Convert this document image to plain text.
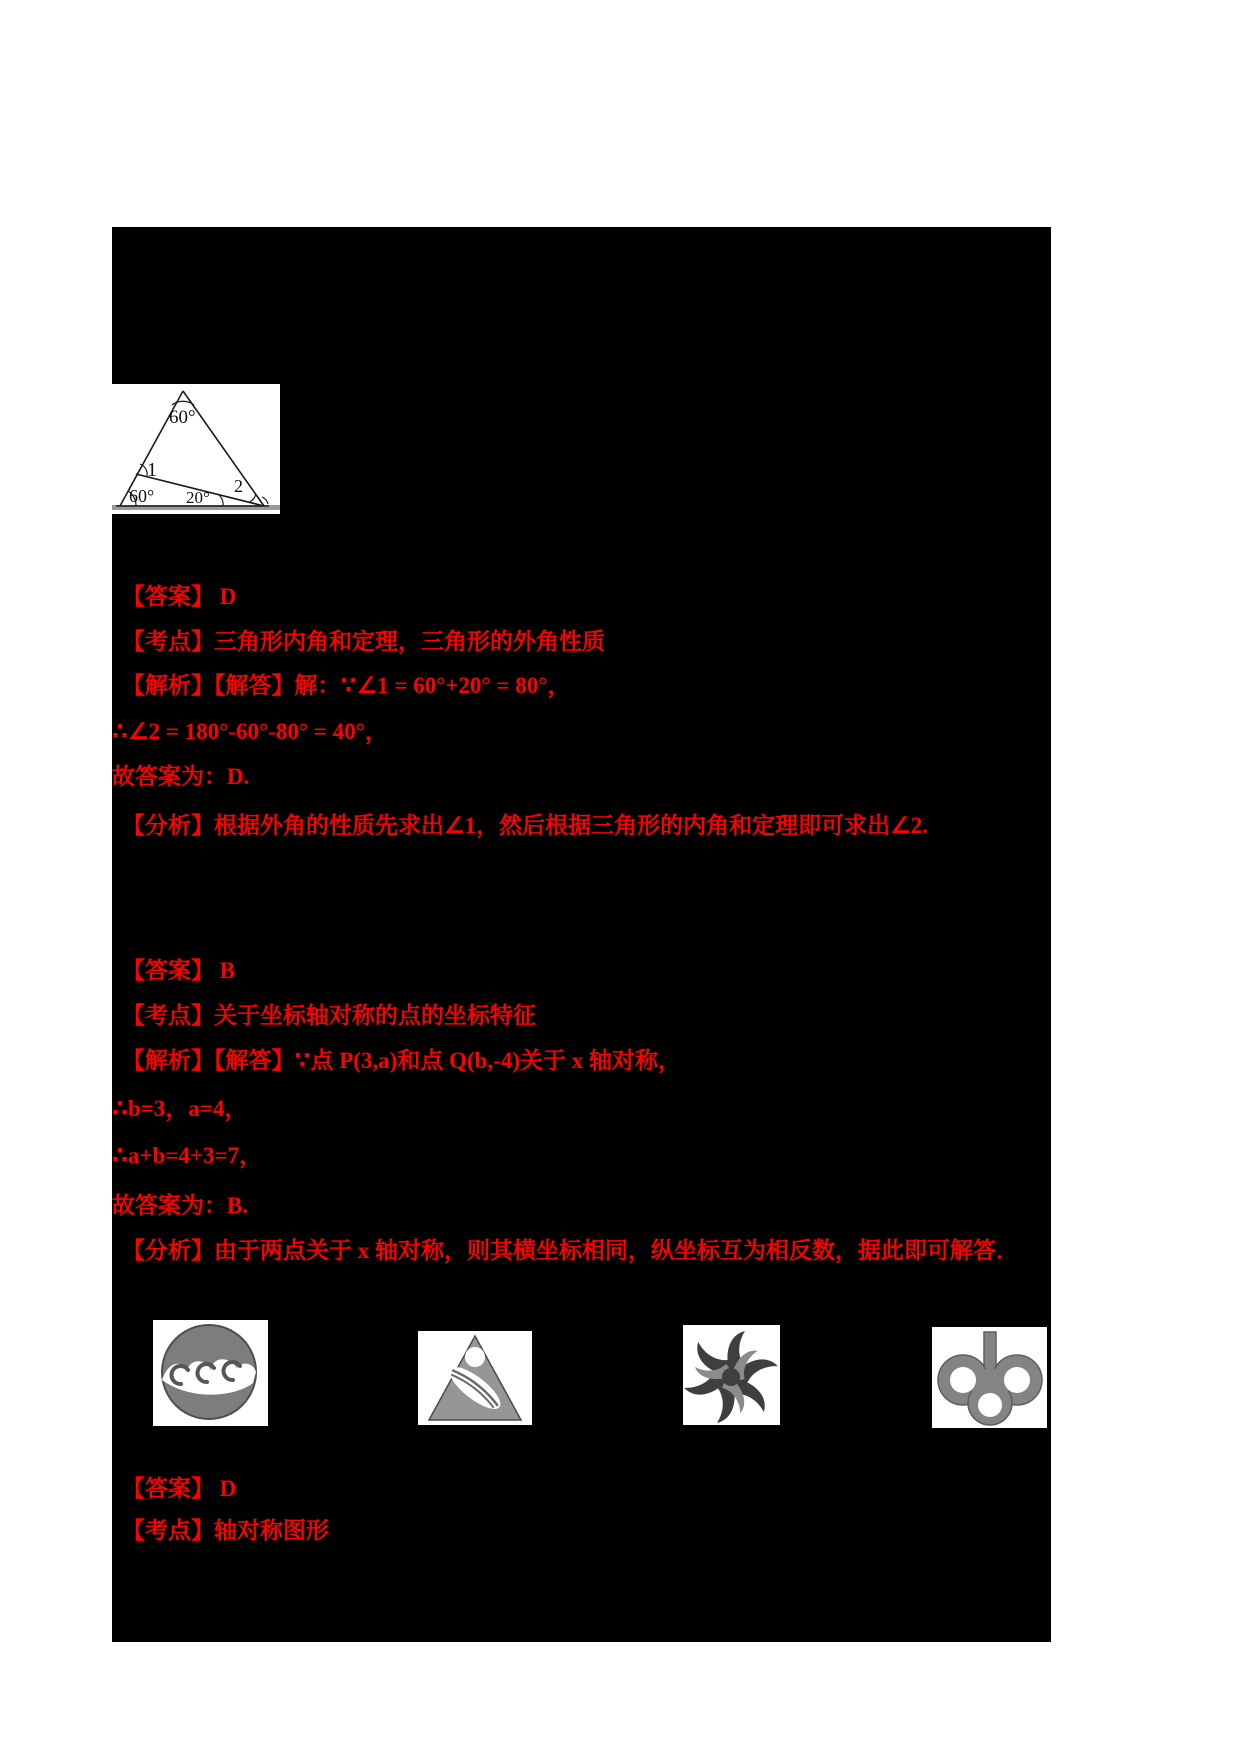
60°
1
60° 20°
2
【答案】 D
【考点】三角形内角和定理，三角形的外角性质
【解析】【解答】解：∵∠1 = 60°+20° = 80°，
∴∠2 = 180°-60°-80° = 40°，
故答案为：D.
【分析】根据外角的性质先求出∠1，然后根据三角形的内角和定理即可求出∠2.
【答案】 B
【考点】关于坐标轴对称的点的坐标特征
【解析】【解答】∵点 P(3,a)和点 Q(b,-4)关于 x 轴对称，
∴b=3，a=4，
∴a+b=4+3=7，
故答案为：B.
【分析】由于两点关于 x 轴对称，则其横坐标相同，纵坐标互为相反数，据此即可解答．
【答案】 D
【考点】轴对称图形
